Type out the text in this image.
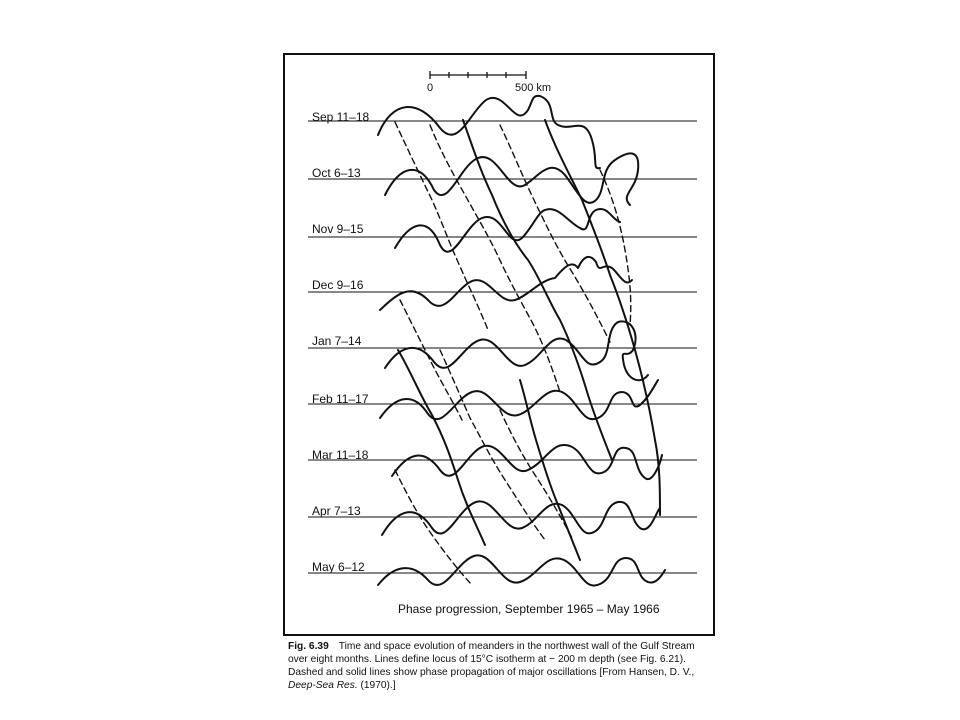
0	500 km
Sep 11–18
Oct 6–13
Nov 9–15
Dec 9–16
Jan 7–14
Feb 11–17
Mar 11–18
Apr 7–13
May 6–12
Phase progression, September 1965 – May 1966
Fig. 6.39 Time and space evolution of meanders in the northwest wall of the Gulf Stream over eight months. Lines define locus of 15°C isotherm at − 200 m depth (see Fig. 6.21). Dashed and solid lines show phase propagation of major oscillations [From Hansen, D. V., Deep-Sea Res. (1970).]
